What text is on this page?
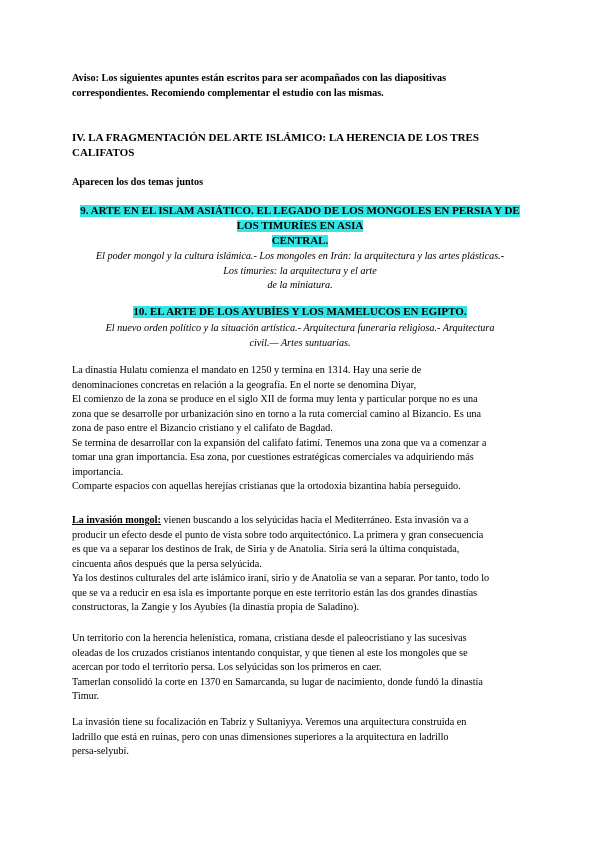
Aviso: Los siguientes apuntes están escritos para ser acompañados con las diapositivas

correspondientes. Recomiendo complementar el estudio con las mismas.

IV. LA FRAGMENTACIÓN DEL ARTE ISLÁMICO: LA HERENCIA DE LOS TRES

CALIFATOS

Aparecen los dos temas juntos

9. ARTE EN EL ISLAM ASIÁTICO. EL LEGADO DE LOS MONGOLES EN PERSIA Y DE

LOS TIMURÍES EN ASIA

CENTRAL.

El poder mongol y la cultura islámica.- Los mongoles en Irán: la arquitectura y las artes plásticas.-

Los timuríes: la arquitectura y el arte

de la miniatura.

10. EL ARTE DE LOS AYUBÍES Y LOS MAMELUCOS EN EGIPTO.

El nuevo orden político y la situación artística.- Arquitectura funeraria religiosa.- Arquitectura

civil.— Artes suntuarias.

La dinastía Hulatu comienza el mandato en 1250 y termina en 1314. Hay una serie de

denominaciones concretas en relación a la geografía. En el norte se denomina Diyar,

El comienzo de la zona se produce en el siglo XII de forma muy lenta y particular porque no es una

zona que se desarrolle por urbanización sino en torno a la ruta comercial camino al Bizancio. Es una

zona de paso entre el Bizancio cristiano y el califato de Bagdad.

Se termina de desarrollar con la expansión del califato fatimí. Tenemos una zona que va a comenzar a

tomar una gran importancia. Esa zona, por cuestiones estratégicas comerciales va adquiriendo más

importancia.

Comparte espacios con aquellas herejías cristianas que la ortodoxia bizantina había perseguido.

La invasión mongol: vienen buscando a los selyúcidas hacia el Mediterráneo. Esta invasión va a

producir un efecto desde el punto de vista sobre todo arquitectónico. La primera y gran consecuencia

es que va a separar los destinos de Irak, de Siria y de Anatolia. Siria será la última conquistada,

cincuenta años después que la persa selyúcida.

Ya los destinos culturales del arte islámico iraní, sirio y de Anatolia se van a separar. Por tanto, todo lo

que se va a reducir en esa isla es importante porque en este territorio están las dos grandes dinastías

constructoras, la Zangie y los Ayubíes (la dinastía propia de Saladino).

Un territorio con la herencia helenística, romana, cristiana desde el paleocristiano y las sucesivas

oleadas de los cruzados cristianos intentando conquistar, y que tienen al este los mongoles que se

acercan por todo el territorio persa. Los selyúcidas son los primeros en caer.

Tamerlan consolidó la corte en 1370 en Samarcanda, su lugar de nacimiento, donde fundó la dinastía

Timur.

La invasión tiene su focalización en Tabriz y Sultaniyya. Veremos una arquitectura construida en

ladrillo que está en ruinas, pero con unas dimensiones superiores a la arquitectura en ladrillo

persa-selyubí.
